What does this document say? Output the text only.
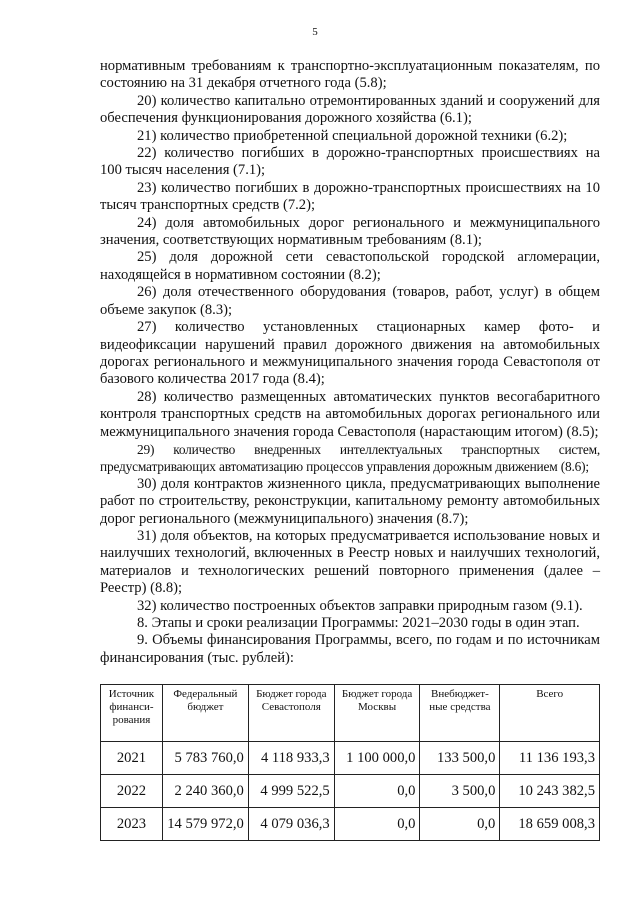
5

нормативным требованиям к транспортно-эксплуатационным показателям, по состоянию на 31 декабря отчетного года (5.8);

20) количество капитально отремонтированных зданий и сооружений для обеспечения функционирования дорожного хозяйства (6.1);

21) количество приобретенной специальной дорожной техники (6.2);

22) количество погибших в дорожно-транспортных происшествиях на 100 тысяч населения (7.1);

23) количество погибших в дорожно-транспортных происшествиях на 10 тысяч транспортных средств (7.2);

24) доля автомобильных дорог регионального и межмуниципального значения, соответствующих нормативным требованиям (8.1);

25) доля дорожной сети севастопольской городской агломерации, находящейся в нормативном состоянии (8.2);

26) доля отечественного оборудования (товаров, работ, услуг) в общем объеме закупок (8.3);

27) количество установленных стационарных камер фото- и видеофиксации нарушений правил дорожного движения на автомобильных дорогах регионального и межмуниципального значения города Севастополя от базового количества 2017 года (8.4);

28) количество размещенных автоматических пунктов весогабаритного контроля транспортных средств на автомобильных дорогах регионального или межмуниципального значения города Севастополя (нарастающим итогом) (8.5);

29) количество внедренных интеллектуальных транспортных систем, предусматривающих автоматизацию процессов управления дорожным движением (8.6);

30) доля контрактов жизненного цикла, предусматривающих выполнение работ по строительству, реконструкции, капитальному ремонту автомобильных дорог регионального (межмуниципального) значения (8.7);

31) доля объектов, на которых предусматривается использование новых и наилучших технологий, включенных в Реестр новых и наилучших технологий, материалов и технологических решений повторного применения (далее – Реестр) (8.8);

32) количество построенных объектов заправки природным газом (9.1).

8. Этапы и сроки реализации Программы: 2021–2030 годы в один этап.

9. Объемы финансирования Программы, всего, по годам и по источникам финансирования (тыс. рублей):

Источник финанси-рования	Федеральный бюджет	Бюджет города Севастополя	Бюджет города Москвы	Внебюджет-ные средства	Всего
2021	5 783 760,0	4 118 933,3	1 100 000,0	133 500,0	11 136 193,3
2022	2 240 360,0	4 999 522,5	0,0	3 500,0	10 243 382,5
2023	14 579 972,0	4 079 036,3	0,0	0,0	18 659 008,3
